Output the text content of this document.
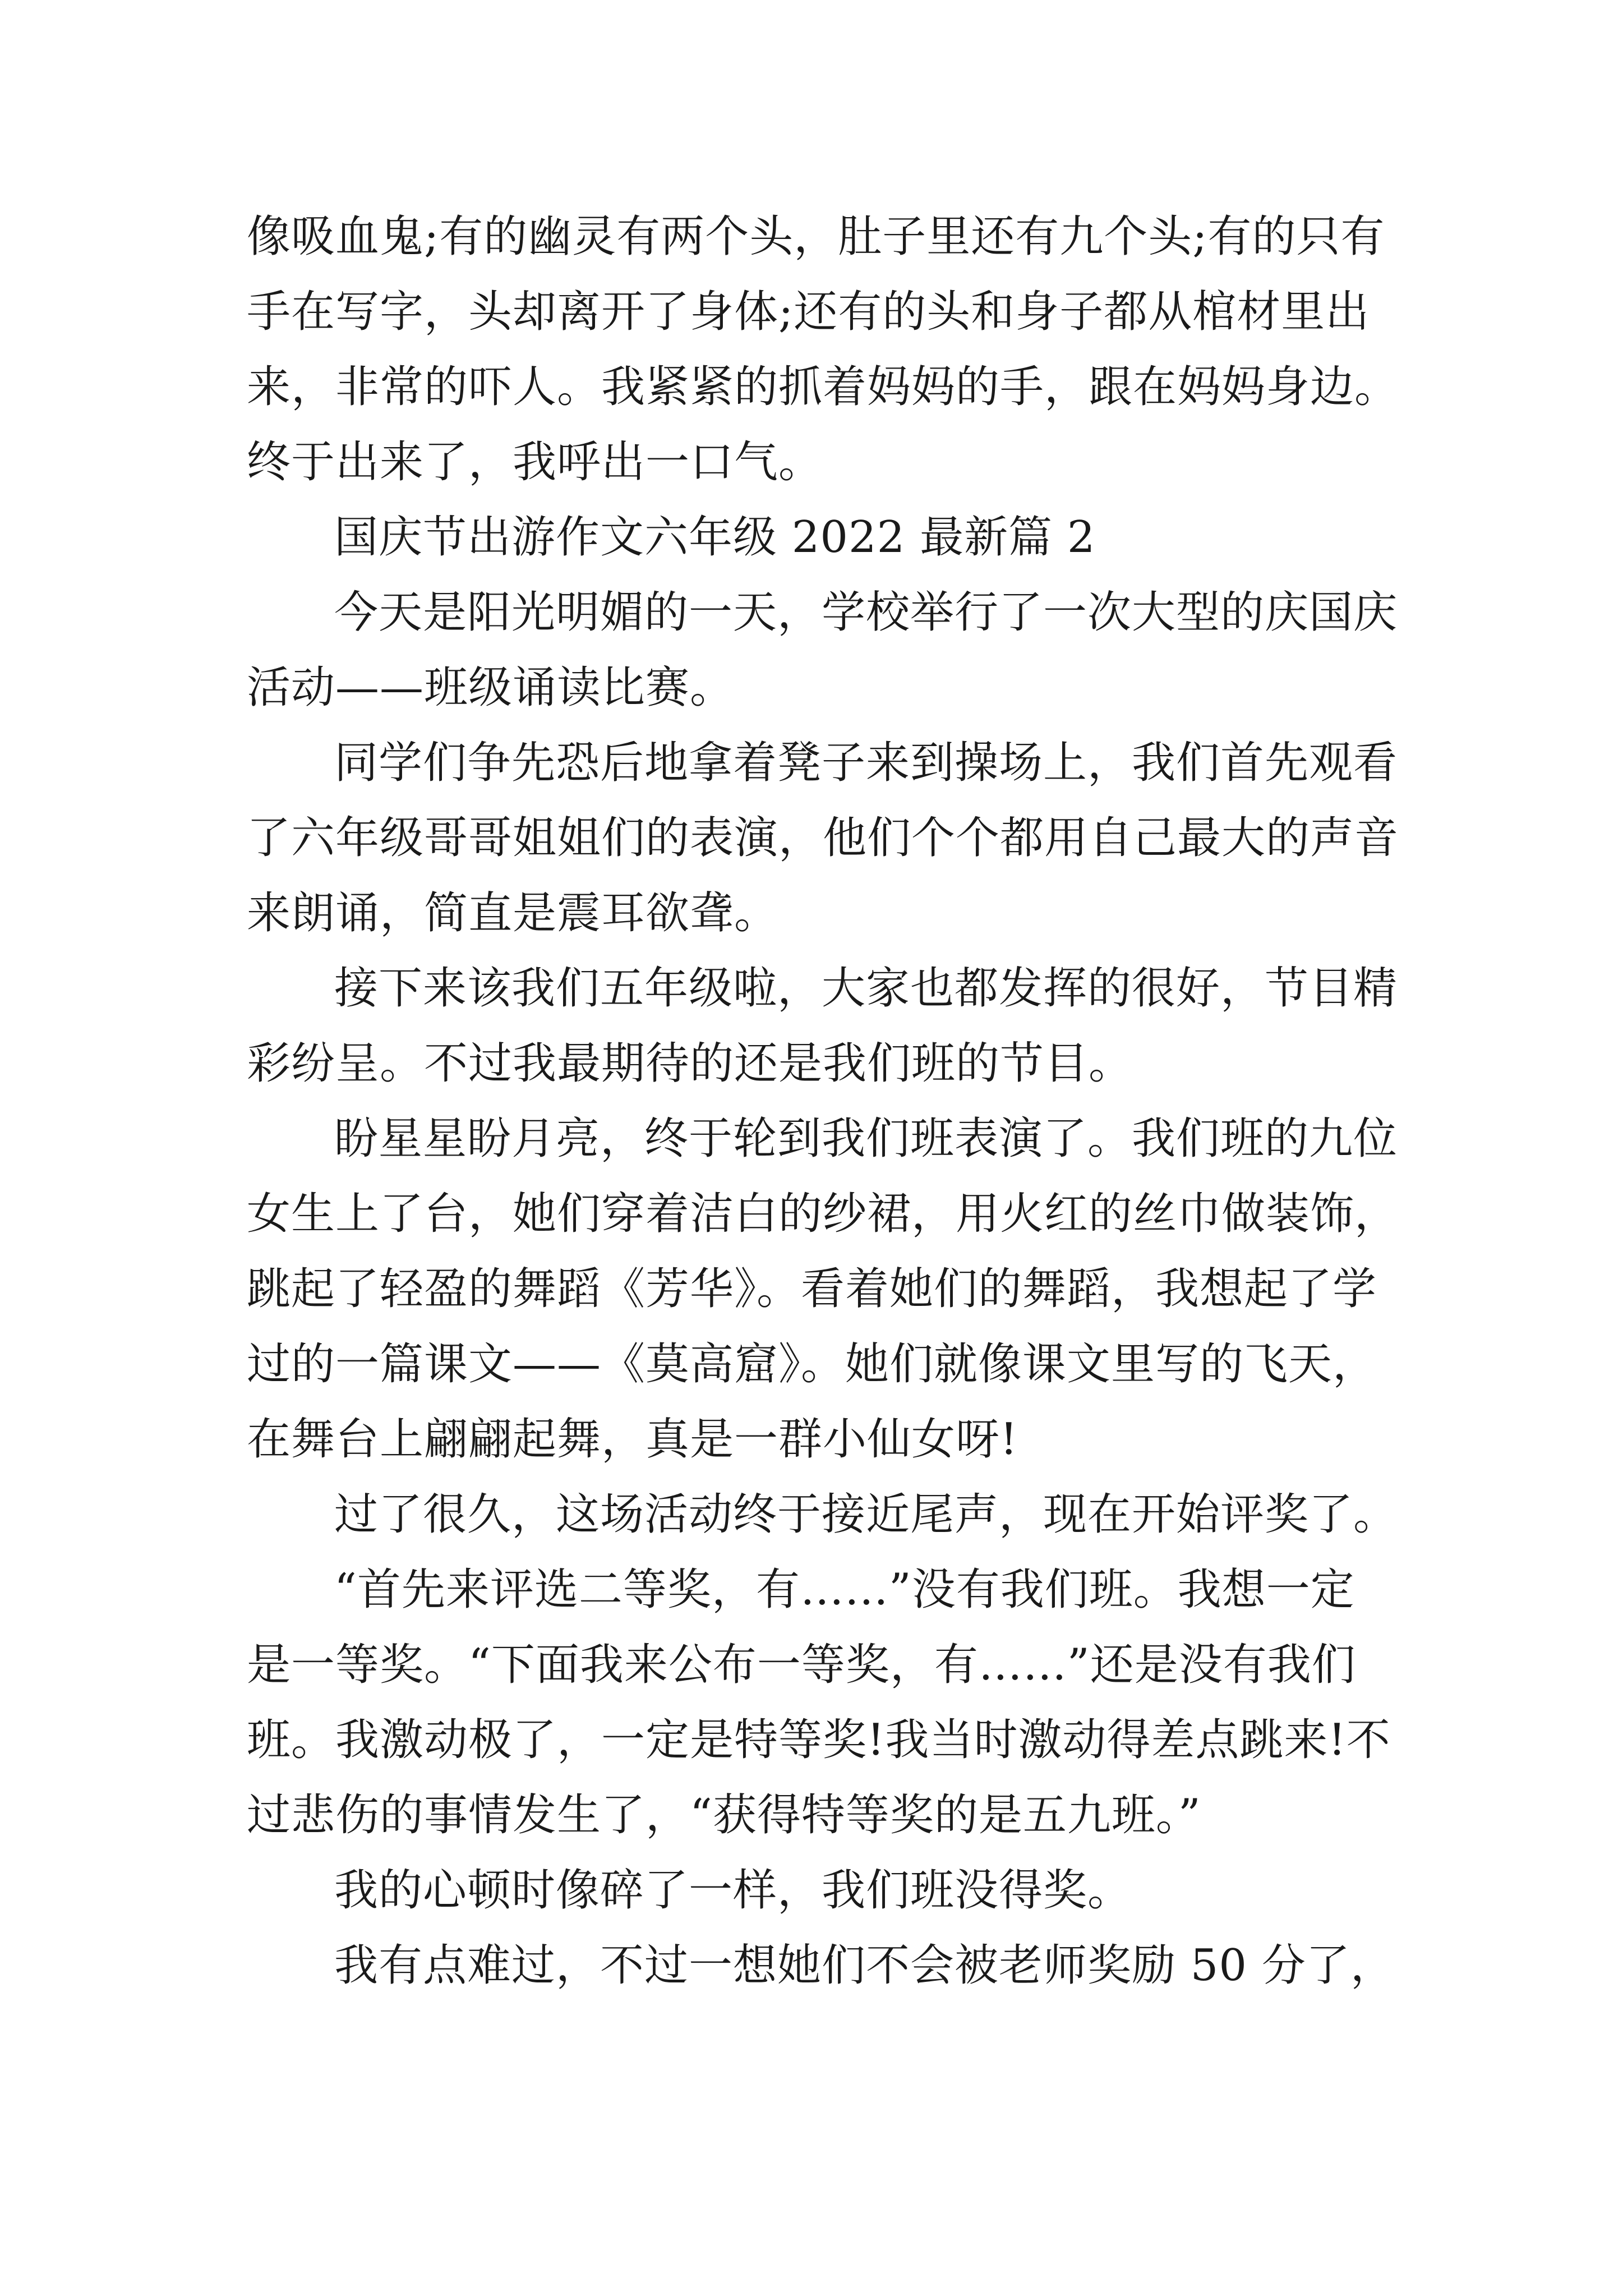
像吸血鬼;有的幽灵有两个头，肚子里还有九个头;有的只有
手在写字，头却离开了身体;还有的头和身子都从棺材里出
来，非常的吓人。我紧紧的抓着妈妈的手，跟在妈妈身边。
终于出来了，我呼出一口气。
国庆节出游作文六年级 2022 最新篇 2
今天是阳光明媚的一天，学校举行了一次大型的庆国庆
活动——班级诵读比赛。
同学们争先恐后地拿着凳子来到操场上，我们首先观看
了六年级哥哥姐姐们的表演，他们个个都用自己最大的声音
来朗诵，简直是震耳欲聋。
接下来该我们五年级啦，大家也都发挥的很好，节目精
彩纷呈。不过我最期待的还是我们班的节目。
盼星星盼月亮，终于轮到我们班表演了。我们班的九位
女生上了台，她们穿着洁白的纱裙，用火红的丝巾做装饰，
跳起了轻盈的舞蹈《芳华》。看着她们的舞蹈，我想起了学
过的一篇课文——《莫高窟》。她们就像课文里写的飞天，
在舞台上翩翩起舞，真是一群小仙女呀!
过了很久，这场活动终于接近尾声，现在开始评奖了。
“首先来评选二等奖，有……”没有我们班。我想一定
是一等奖。“下面我来公布一等奖，有……”还是没有我们
班。我激动极了，一定是特等奖!我当时激动得差点跳来!不
过悲伤的事情发生了，“获得特等奖的是五九班。”
我的心顿时像碎了一样，我们班没得奖。
我有点难过，不过一想她们不会被老师奖励 50 分了，
